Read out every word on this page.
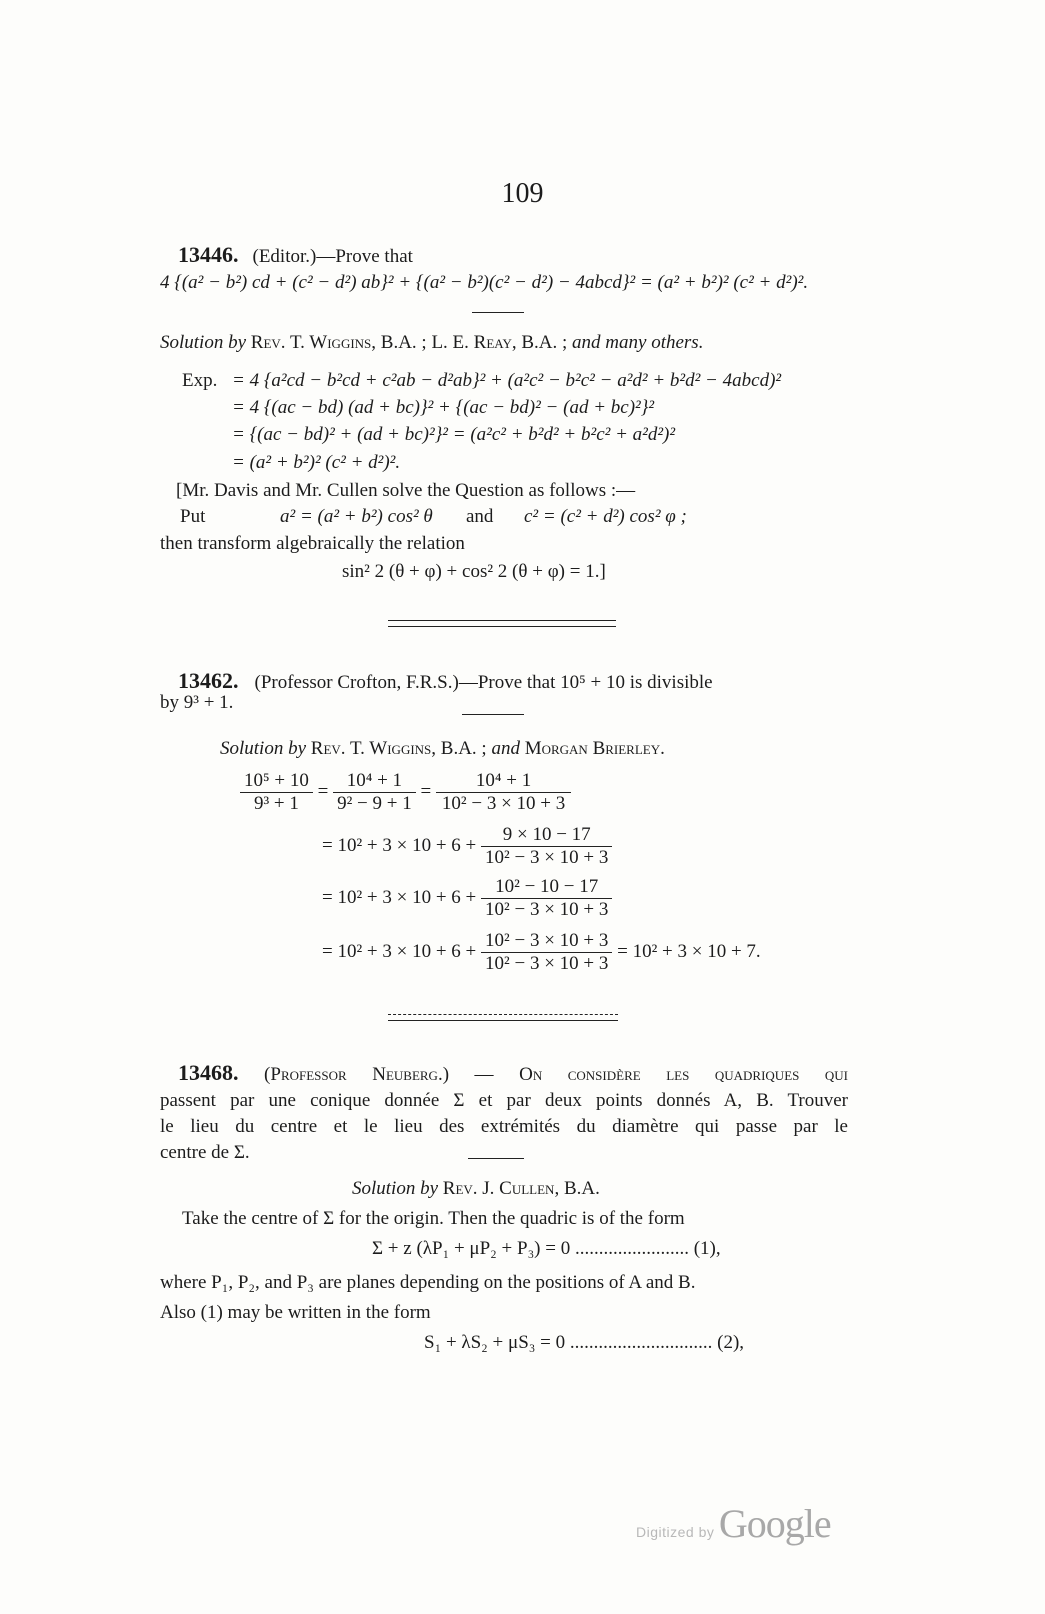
109
13446. (Editor.)—Prove that
4 {(a² − b²) cd + (c² − d²) ab}² + {(a² − b²)(c² − d²) − 4abcd}² = (a² + b²)² (c² + d²)².
Solution by Rev. T. Wiggins, B.A. ; L. E. Reay, B.A. ; and many others.
Exp. = 4 {a²cd − b²cd + c²ab − d²ab}² + (a²c² − b²c² − a²d² + b²d² − 4abcd)²
= 4 {(ac − bd) (ad + bc)}² + {(ac − bd)² − (ad + bc)²}²
= {(ac − bd)² + (ad + bc)²}² = (a²c² + b²d² + b²c² + a²d²)²
= (a² + b²)² (c² + d²)².
[Mr. Davis and Mr. Cullen solve the Question as follows :—
Put	a² = (a² + b²) cos² θ and c² = (c² + d²) cos² φ ;
then transform algebraically the relation
sin² 2 (θ + φ) + cos² 2 (θ + φ) = 1.]
13462. (Professor Crofton, F.R.S.)—Prove that 10⁵ + 10 is divisible
by 9³ + 1.
Solution by Rev. T. Wiggins, B.A. ; and Morgan Brierley.
$\frac{\text{10⁵ + 10}}{\text{9³ + 1}} = \frac{\text{10⁴ + 1}}{\text{9² − 9 + 1}} = \frac{\text{10⁴ + 1}}{\text{10² − 3 × 10 + 3}}$
= $10^2 + 3 \times 10 + 6 + \frac{9 \times 10 - 17}{\text{10² − 3 × 10 + 3}}$
= $10^2 + 3 \times 10 + 6 + \frac{\text{10² − 10 − 17}}{\text{10² − 3 × 10 + 3}}$
= $10^2 + 3 \times 10 + 6 + \frac{\text{10² − 3 × 10 + 3}}{\text{10² − 3 × 10 + 3}} = 10^2 + 3 \times 10 + 7$.
13468. (Professor Neuberg.) — On considère les quadriques qui
passent par une conique donnée Σ et par deux points donnés A, B. Trouver
le lieu du centre et le lieu des extrémités du diamètre qui passe par le
centre de Σ.
Solution by Rev. J. Cullen, B.A.
Take the centre of Σ for the origin. Then the quadric is of the form
Σ + z (λP₁ + μP₂ + P₃) = 0 ........................ (1),
where P₁, P₂, and P₃ are planes depending on the positions of A and B.
Also (1) may be written in the form
S₁ + λS₂ + μS₃ = 0 .............................. (2),
Digitized by Google
